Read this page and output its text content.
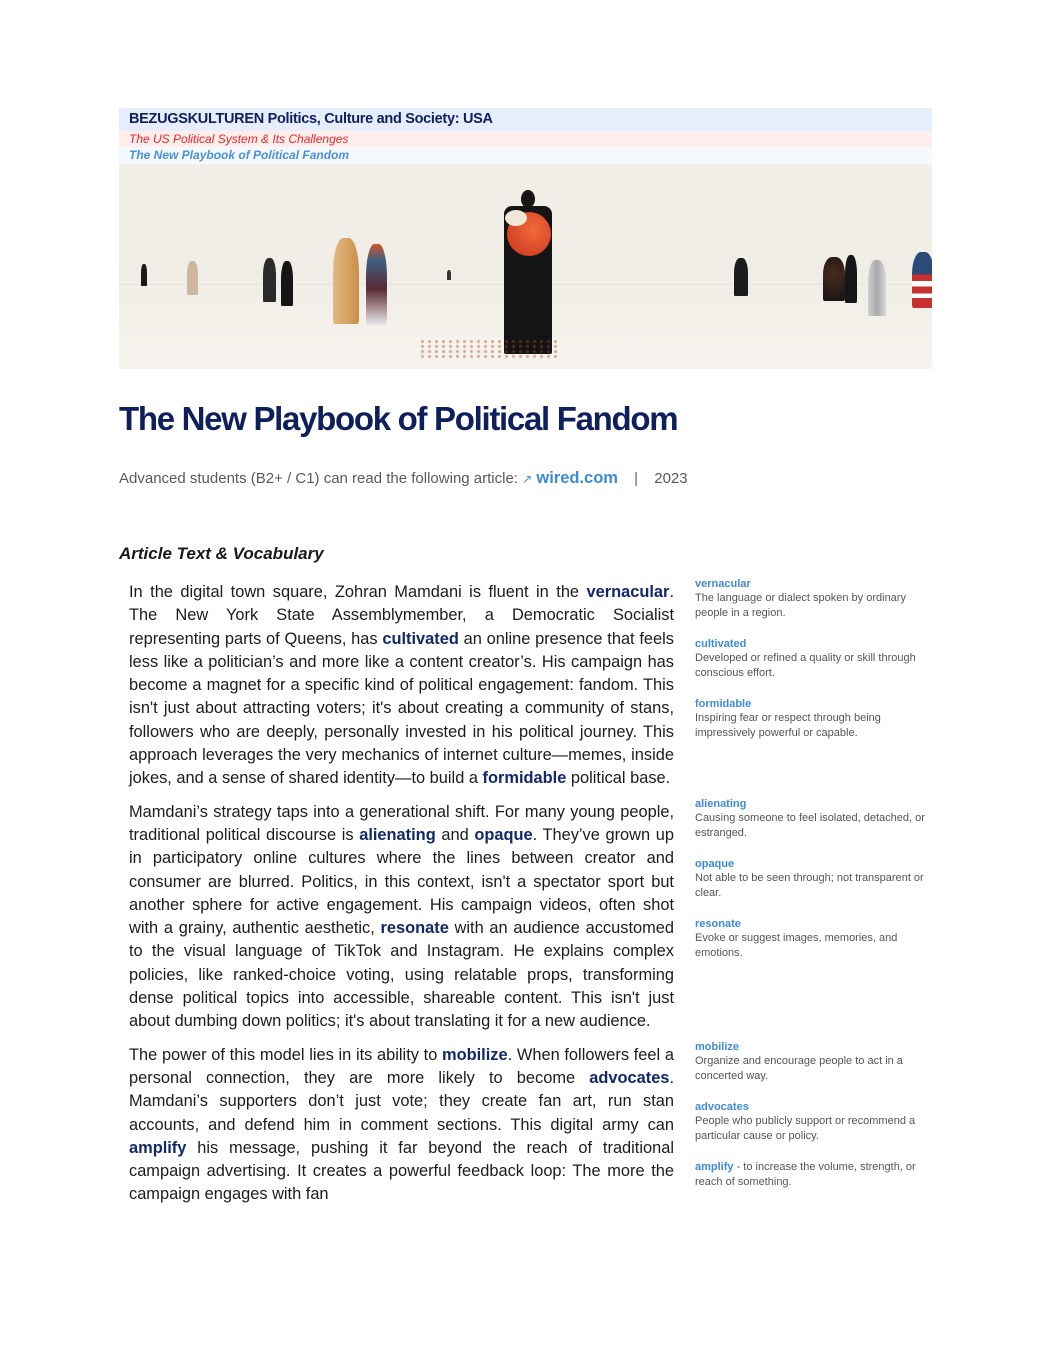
BEZUGSKULTUREN Politics, Culture and Society: USA
The US Political System & Its Challenges
The New Playbook of Political Fandom
The New Playbook of Political Fandom
Advanced students (B2+ / C1) can read the following article: ↗ wired.com | 2023
Article Text & Vocabulary
In the digital town square, Zohran Mamdani is fluent in the vernacular. The New York State Assemblymember, a Democratic Socialist representing parts of Queens, has cultivated an online presence that feels less like a politician’s and more like a content creator’s. His campaign has become a magnet for a specific kind of political engagement: fandom. This isn't just about attracting voters; it's about creating a community of stans, followers who are deeply, personally invested in his political journey. This approach leverages the very mechanics of internet culture—memes, inside jokes, and a sense of shared identity—to build a formidable political base.
vernacular
The language or dialect spoken by ordinary people in a region.
cultivated
Developed or refined a quality or skill through conscious effort.
formidable
Inspiring fear or respect through being impressively powerful or capable.
Mamdani’s strategy taps into a generational shift. For many young people, traditional political discourse is alienating and opaque. They’ve grown up in participatory online cultures where the lines between creator and consumer are blurred. Politics, in this context, isn't a spectator sport but another sphere for active engagement. His campaign videos, often shot with a grainy, authentic aesthetic, resonate with an audience accustomed to the visual language of TikTok and Instagram. He explains complex policies, like ranked-choice voting, using relatable props, transforming dense political topics into accessible, shareable content. This isn't just about dumbing down politics; it's about translating it for a new audience.
alienating
Causing someone to feel isolated, detached, or estranged.
opaque
Not able to be seen through; not transparent or clear.
resonate
Evoke or suggest images, memories, and emotions.
The power of this model lies in its ability to mobilize. When followers feel a personal connection, they are more likely to become advocates. Mamdani’s supporters don’t just vote; they create fan art, run stan accounts, and defend him in comment sections. This digital army can amplify his message, pushing it far beyond the reach of traditional campaign advertising. It creates a powerful feedback loop: The more the campaign engages with fan
mobilize
Organize and encourage people to act in a concerted way.
advocates
People who publicly support or recommend a particular cause or policy.
amplify - to increase the volume, strength, or reach of something.
